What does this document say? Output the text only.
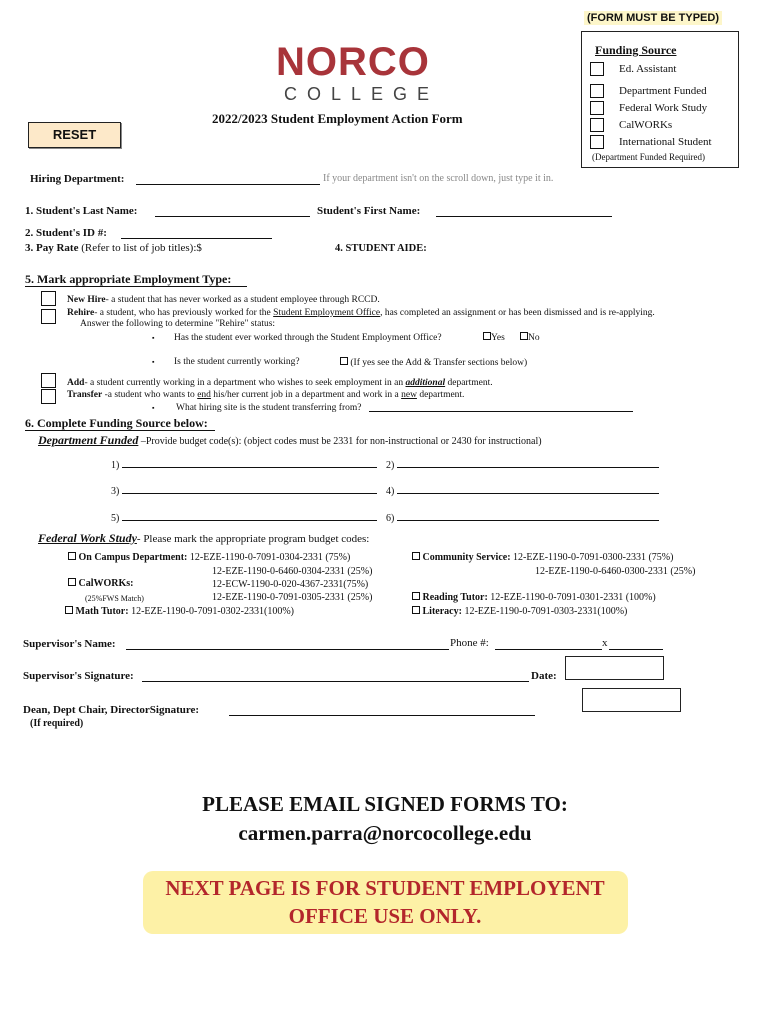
(FORM MUST BE TYPED)
NORCO
COLLEGE
2022/2023 Student Employment Action Form
RESET
Funding Source
Ed. Assistant
Department Funded
Federal Work Study
CalWORKs
International Student
(Department Funded Required)
Hiring Department:	If your department isn't on the scroll down, just type it in.
1. Student's Last Name:	Student's First Name:
2. Student's ID #:
3. Pay Rate (Refer to list of job titles):$	4. STUDENT AIDE:
5. Mark appropriate Employment Type:
New Hire- a student that has never worked as a student employee through RCCD.
Rehire- a student, who has previously worked for the Student Employment Office, has completed an assignment or has been dismissed and is re-applying.
Answer the following to determine "Rehire" status:
▪ Has the student ever worked through the Student Employment Office?	Yes	No
▪ Is the student currently working?	(If yes see the Add & Transfer sections below)
Add- a student currently working in a department who wishes to seek employment in an additional department.
Transfer -a student who wants to end his/her current job in a department and work in a new department.
▪ What hiring site is the student transferring from?
6. Complete Funding Source below:
Department Funded –Provide budget code(s): (object codes must be 2331 for non-instructional or 2430 for instructional)
1)	2)
3)	4)
5)	6)
Federal Work Study- Please mark the appropriate program budget codes:
On Campus Department: 12-EZE-1190-0-7091-0304-2331 (75%)
12-EZE-1190-0-6460-0304-2331 (25%)
CalWORKs:	12-ECW-1190-0-020-4367-2331(75%)
(25%FWS Match)	12-EZE-1190-0-7091-0305-2331 (25%)
Math Tutor: 12-EZE-1190-0-7091-0302-2331(100%)
Community Service: 12-EZE-1190-0-7091-0300-2331 (75%)
12-EZE-1190-0-6460-0300-2331 (25%)
Reading Tutor: 12-EZE-1190-0-7091-0301-2331 (100%)
Literacy: 12-EZE-1190-0-7091-0303-2331(100%)
Supervisor's Name:	Phone #:	x
Supervisor's Signature:	Date:
Dean, Dept Chair, DirectorSignature:
(If required)
PLEASE EMAIL SIGNED FORMS TO:
carmen.parra@norcocollege.edu
NEXT PAGE IS FOR STUDENT EMPLOYENT
OFFICE USE ONLY.
